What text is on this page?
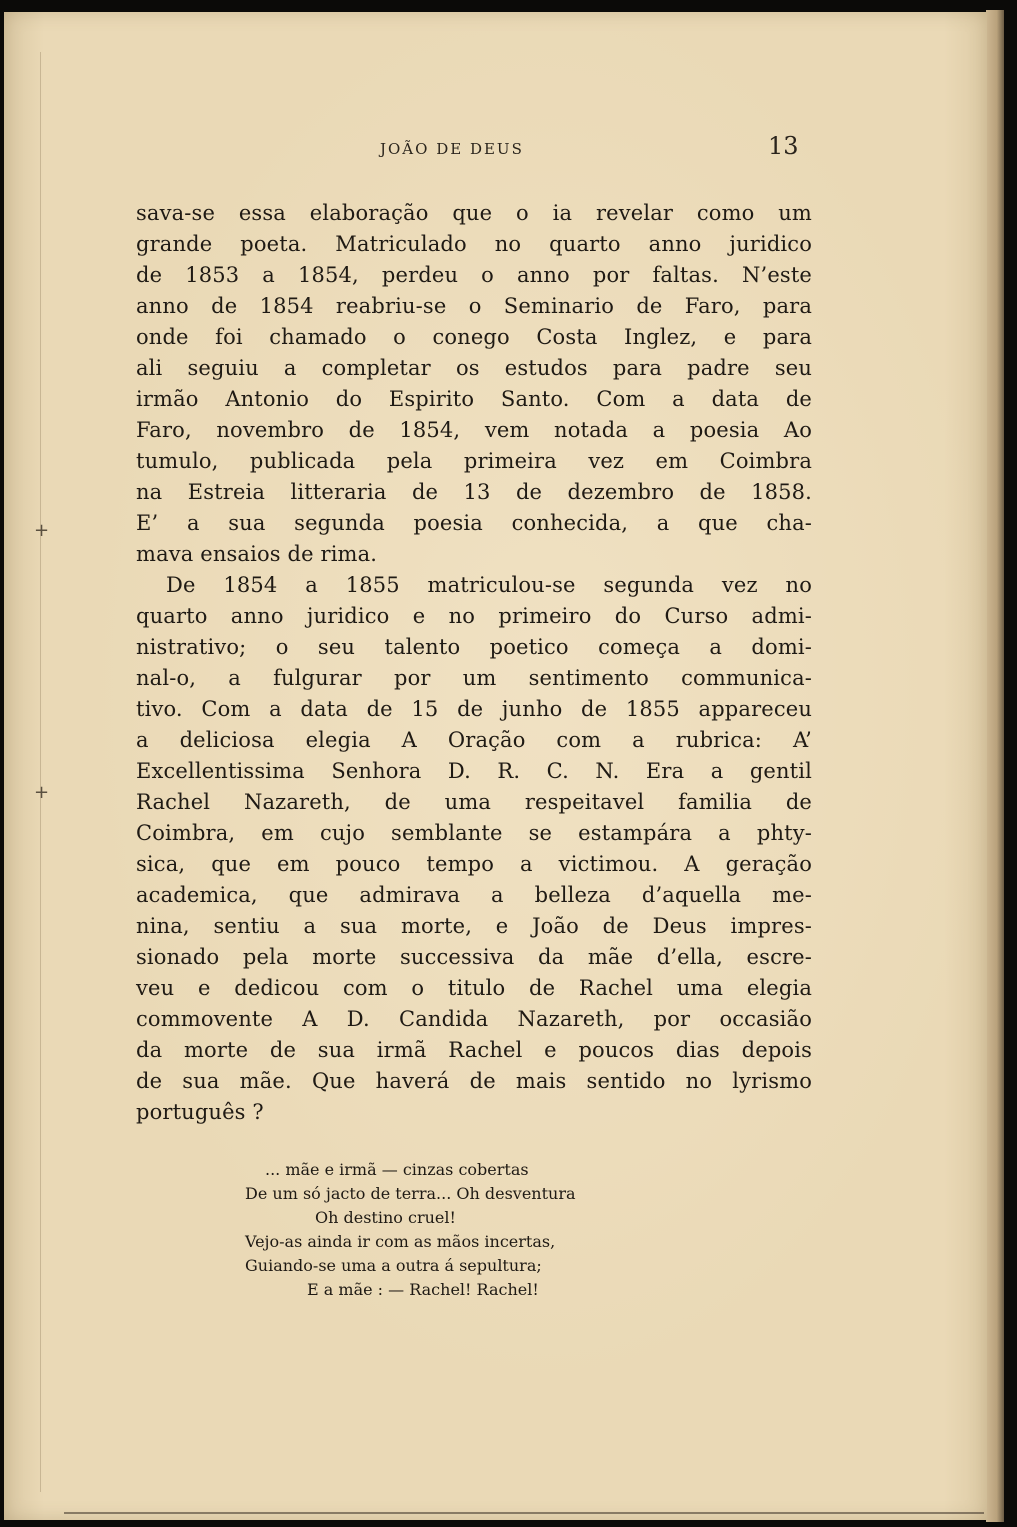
+
+
JOÃO DE DEUS	13
sava-se essa elaboração que o ia revelar como um
grande poeta. Matriculado no quarto anno juridico
de 1853 a 1854, perdeu o anno por faltas. N’este
anno de 1854 reabriu-se o Seminario de Faro, para
onde foi chamado o conego Costa Inglez, e para
ali seguiu a completar os estudos para padre seu
irmão Antonio do Espirito Santo. Com a data de
Faro, novembro de 1854, vem notada a poesia Ao
tumulo, publicada pela primeira vez em Coimbra
na Estreia litteraria de 13 de dezembro de 1858.
E’ a sua segunda poesia conhecida, a que cha-
mava ensaios de rima.
De 1854 a 1855 matriculou-se segunda vez no
quarto anno juridico e no primeiro do Curso admi-
nistrativo; o seu talento poetico começa a domi-
nal-o, a fulgurar por um sentimento communica-
tivo. Com a data de 15 de junho de 1855 appareceu
a deliciosa elegia A Oração com a rubrica: A’
Excellentissima Senhora D. R. C. N. Era a gentil
Rachel Nazareth, de uma respeitavel familia de
Coimbra, em cujo semblante se estampára a phty-
sica, que em pouco tempo a victimou. A geração
academica, que admirava a belleza d’aquella me-
nina, sentiu a sua morte, e João de Deus impres-
sionado pela morte successiva da mãe d’ella, escre-
veu e dedicou com o titulo de Rachel uma elegia
commovente A D. Candida Nazareth, por occasião
da morte de sua irmã Rachel e poucos dias depois
de sua mãe. Que haverá de mais sentido no lyrismo
português ?
... mãe e irmã — cinzas cobertas
De um só jacto de terra... Oh desventura
Oh destino cruel!
Vejo-as ainda ir com as mãos incertas,
Guiando-se uma a outra á sepultura;
E a mãe : — Rachel! Rachel!
